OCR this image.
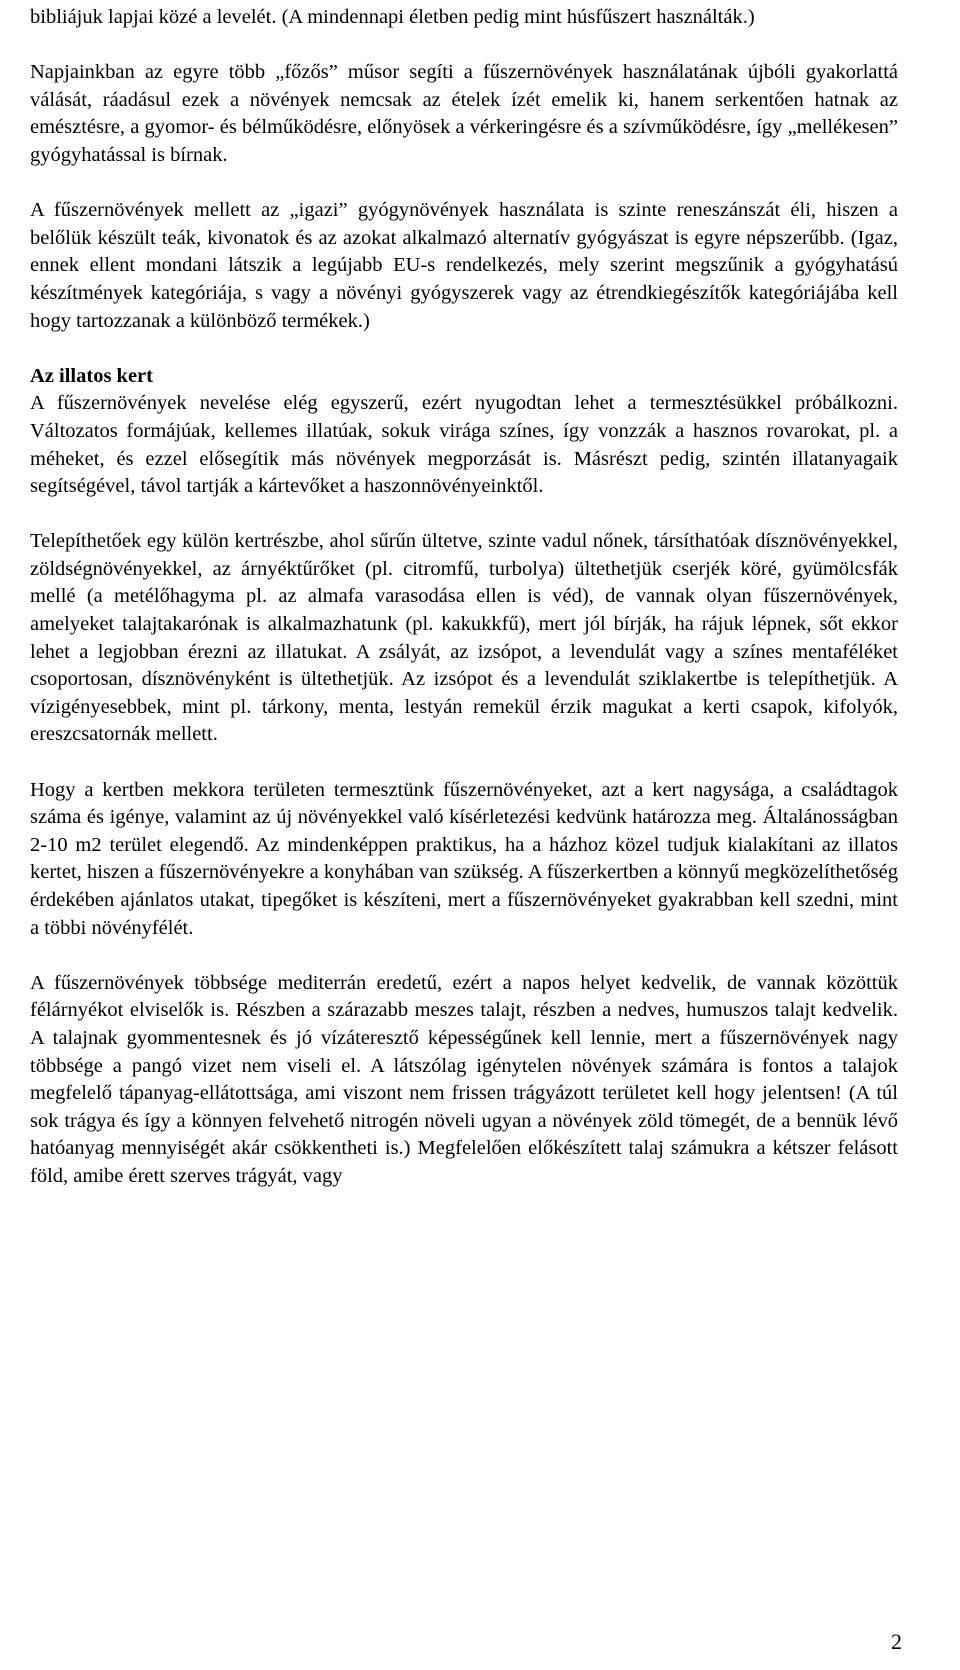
bibliájuk lapjai közé a levelét. (A mindennapi életben pedig mint húsfűszert használták.)

Napjainkban az egyre több „főzős” műsor segíti a fűszernövények használatának újbóli gyakorlattá válását, ráadásul ezek a növények nemcsak az ételek ízét emelik ki, hanem serkentően hatnak az emésztésre, a gyomor- és bélműködésre, előnyösek a vérkeringésre és a szívműködésre, így „mellékesen” gyógyhatással is bírnak.

A fűszernövények mellett az „igazi” gyógynövények használata is szinte reneszánszát éli, hiszen a belőlük készült teák, kivonatok és az azokat alkalmazó alternatív gyógyászat is egyre népszerűbb. (Igaz, ennek ellent mondani látszik a legújabb EU-s rendelkezés, mely szerint megszűnik a gyógyhatású készítmények kategóriája, s vagy a növényi gyógyszerek vagy az étrendkiegészítők kategóriájába kell hogy tartozzanak a különböző termékek.)

Az illatos kert

A fűszernövények nevelése elég egyszerű, ezért nyugodtan lehet a termesztésükkel próbálkozni. Változatos formájúak, kellemes illatúak, sokuk virága színes, így vonzzák a hasznos rovarokat, pl. a méheket, és ezzel elősegítik más növények megporzását is. Másrészt pedig, szintén illatanyagaik segítségével, távol tartják a kártevőket a haszonnövényeinktől.

Telepíthetőek egy külön kertrészbe, ahol sűrűn ültetve, szinte vadul nőnek, társíthatóak dísznövényekkel, zöldségnövényekkel, az árnyéktűrőket (pl. citromfű, turbolya) ültethetjük cserjék köré, gyümölcsfák mellé (a metélőhagyma pl. az almafa varasodása ellen is véd), de vannak olyan fűszernövények, amelyeket talajtakarónak is alkalmazhatunk (pl. kakukkfű), mert jól bírják, ha rájuk lépnek, sőt ekkor lehet a legjobban érezni az illatukat. A zsályát, az izsópot, a levendulát vagy a színes mentaféléket csoportosan, dísznövényként is ültethetjük. Az izsópot és a levendulát sziklakertbe is telepíthetjük. A vízigényesebbek, mint pl. tárkony, menta, lestyán remekül érzik magukat a kerti csapok, kifolyók, ereszcsatornák mellett.

Hogy a kertben mekkora területen termesztünk fűszernövényeket, azt a kert nagysága, a családtagok száma és igénye, valamint az új növényekkel való kísérletezési kedvünk határozza meg. Általánosságban 2-10 m2 terület elegendő. Az mindenképpen praktikus, ha a házhoz közel tudjuk kialakítani az illatos kertet, hiszen a fűszernövényekre a konyhában van szükség. A fűszerkertben a könnyű megközelíthetőség érdekében ajánlatos utakat, tipegőket is készíteni, mert a fűszernövényeket gyakrabban kell szedni, mint a többi növényfélét.

A fűszernövények többsége mediterrán eredetű, ezért a napos helyet kedvelik, de vannak közöttük félárnyékot elviselők is. Részben a szárazabb meszes talajt, részben a nedves, humuszos talajt kedvelik. A talajnak gyommentesnek és jó vízáteresztő képességűnek kell lennie, mert a fűszernövények nagy többsége a pangó vizet nem viseli el. A látszólag igénytelen növények számára is fontos a talajok megfelelő tápanyag-ellátottsága, ami viszont nem frissen trágyázott területet kell hogy jelentsen! (A túl sok trágya és így a könnyen felvehető nitrogén növeli ugyan a növények zöld tömegét, de a bennük lévő hatóanyag mennyiségét akár csökkentheti is.) Megfelelően előkészített talaj számukra a kétszer felásott föld, amibe érett szerves trágyát, vagy

2
